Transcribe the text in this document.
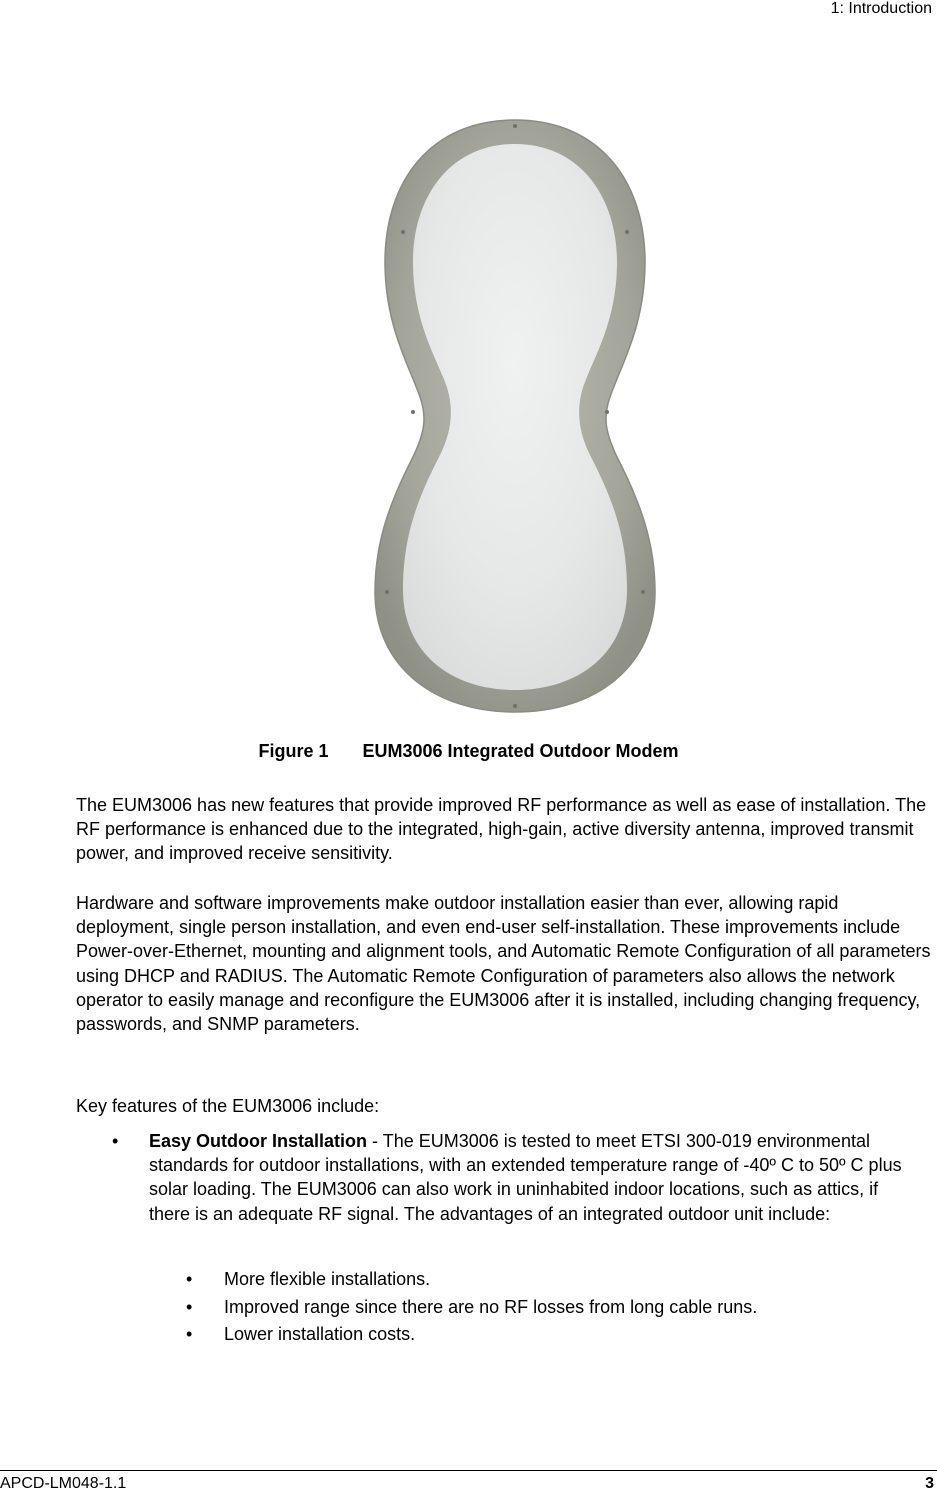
1: Introduction
Figure 1 EUM3006 Integrated Outdoor Modem

The EUM3006 has new features that provide improved RF performance as well as ease of installation. The RF performance is enhanced due to the integrated, high-gain, active diversity antenna, improved transmit power, and improved receive sensitivity.

Hardware and software improvements make outdoor installation easier than ever, allowing rapid deployment, single person installation, and even end-user self-installation. These improvements include Power-over-Ethernet, mounting and alignment tools, and Automatic Remote Configuration of all parameters using DHCP and RADIUS. The Automatic Remote Configuration of parameters also allows the network operator to easily manage and reconfigure the EUM3006 after it is installed, including changing frequency, passwords, and SNMP parameters.

Key features of the EUM3006 include:

• Easy Outdoor Installation - The EUM3006 is tested to meet ETSI 300-019 environmental standards for outdoor installations, with an extended temperature range of -40º C to 50º C plus solar loading. The EUM3006 can also work in uninhabited indoor locations, such as attics, if there is an adequate RF signal. The advantages of an integrated outdoor unit include:
• More flexible installations.
• Improved range since there are no RF losses from long cable runs.
• Lower installation costs.
APCD-LM048-1.1	3
